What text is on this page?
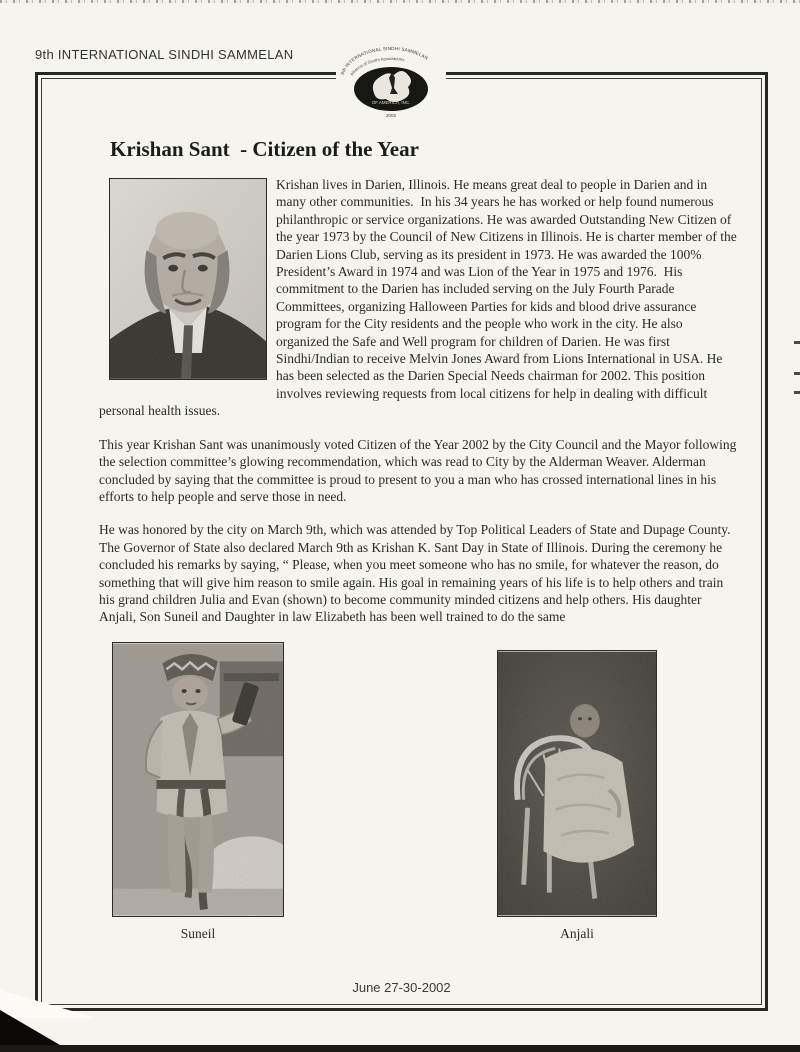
9th INTERNATIONAL SINDHI SAMMELAN
Krishan Sant  - Citizen of the Year

Krishan lives in Darien, Illinois. He means great deal to people in Darien and in many other communities.  In his 34 years he has worked or help found numerous philanthropic or service organizations. He was awarded Outstanding New Citizen of the year 1973 by the Council of New Citizens in Illinois. He is charter member of the Darien Lions Club, serving as its president in 1973. He was awarded the 100% President’s Award in 1974 and was Lion of the Year in 1975 and 1976.  His commitment to the Darien has included serving on the July Fourth Parade Committees, organizing Halloween Parties for kids and blood drive assurance program for the City residents and the people who work in the city. He also organized the Safe and Well program for children of Darien. He was first Sindhi/Indian to receive Melvin Jones Award from Lions International in USA. He has been selected as the Darien Special Needs chairman for 2002. This position involves reviewing requests from local citizens for help in dealing with difficult personal health issues.

This year Krishan Sant was unanimously voted Citizen of the Year 2002 by the City Council and the Mayor following the selection committee’s glowing recommendation, which was read to City by the Alderman Weaver. Alderman concluded by saying that the committee is proud to present to you a man who has crossed international lines in his efforts to help people and serve those in need.

He was honored by the city on March 9th, which was attended by Top Political Leaders of State and Dupage County. The Governor of State also declared March 9th as Krishan K. Sant Day in State of Illinois. During the ceremony he concluded his remarks by saying, “ Please, when you meet someone who has no smile, for whatever the reason, do something that will give him reason to smile again. His goal in remaining years of his life is to help others and train his grand children Julia and Evan (shown) to become community minded citizens and help others. His daughter Anjali, Son Suneil and Daughter in law Elizabeth has been well trained to do the same

Suneil	Anjali
June 27-30-2002
9th INTERNATIONAL SINDHI SAMMELAN
Alliance of Sindhi Associations
OF AMERICA, INC.
2002
